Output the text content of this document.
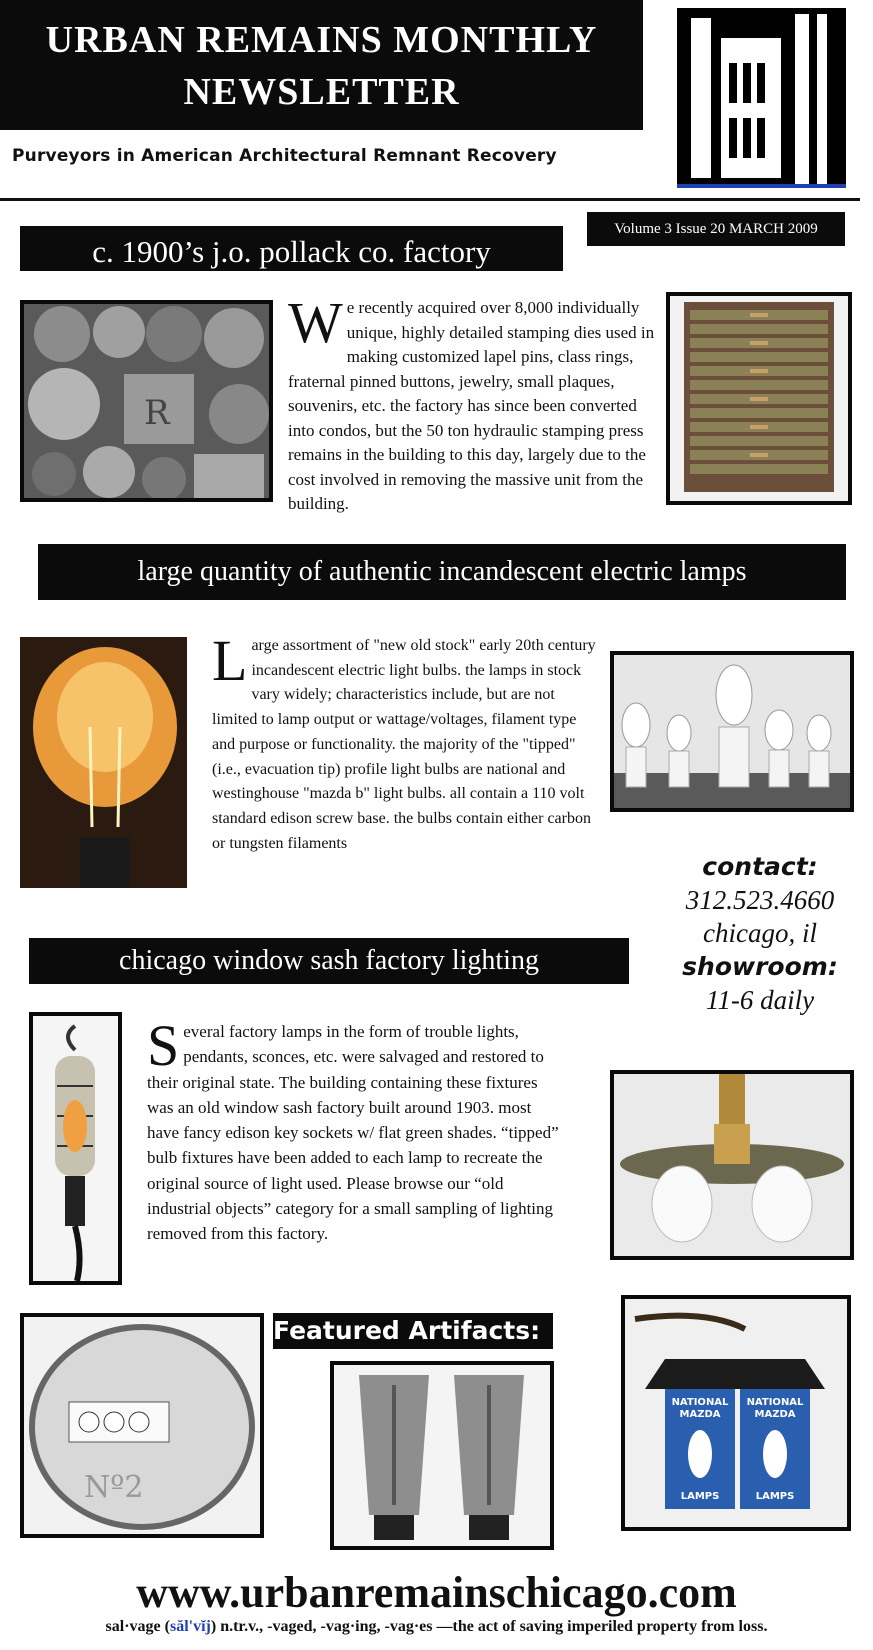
URBAN REMAINS MONTHLY NEWSLETTER
Purveyors in American Architectural Remnant Recovery
Volume 3 Issue 20 MARCH 2009
c. 1900’s j.o. pollack co. factory
R
We recently acquired over 8,000 individually unique, highly detailed stamping dies used in making customized lapel pins, class rings, fraternal pinned buttons, jewelry, small plaques, souvenirs, etc. the factory has since been converted into condos, but the 50 ton hydraulic stamping press remains in the building to this day, largely due to the cost involved in removing the massive unit from the building.
large quantity of authentic incandescent electric lamps
Large assortment of "new old stock" early 20th century incandescent electric light bulbs. the lamps in stock vary widely; characteristics include, but are not limited to lamp output or wattage/voltages, filament type and purpose or functionality. the majority of the "tipped" (i.e., evacuation tip) profile light bulbs are national and westinghouse "mazda b" light bulbs. all contain a 110 volt standard edison screw base. the bulbs contain either carbon or tungsten filaments
contact:
312.523.4660
chicago, il
showroom:
11-6 daily
chicago window sash factory lighting
Several factory lamps in the form of trouble lights, pendants, sconces, etc. were salvaged and restored to their original state. The building containing these fixtures was an old window sash factory built around 1903. most have fancy edison key sockets w/ flat green shades. “tipped” bulb fixtures have been added to each lamp to recreate the original source of light used. Please browse our “old industrial objects” category for a small sampling of lighting removed from this factory.
Featured Artifacts:
Nº2
NATIONAL
MAZDA
LAMPS
NATIONAL
MAZDA
LAMPS
www.urbanremainschicago.com
sal·vage (săl'vĭj) n.tr.v., -vaged, -vag·ing, -vag·es —the act of saving imperiled property from loss.
